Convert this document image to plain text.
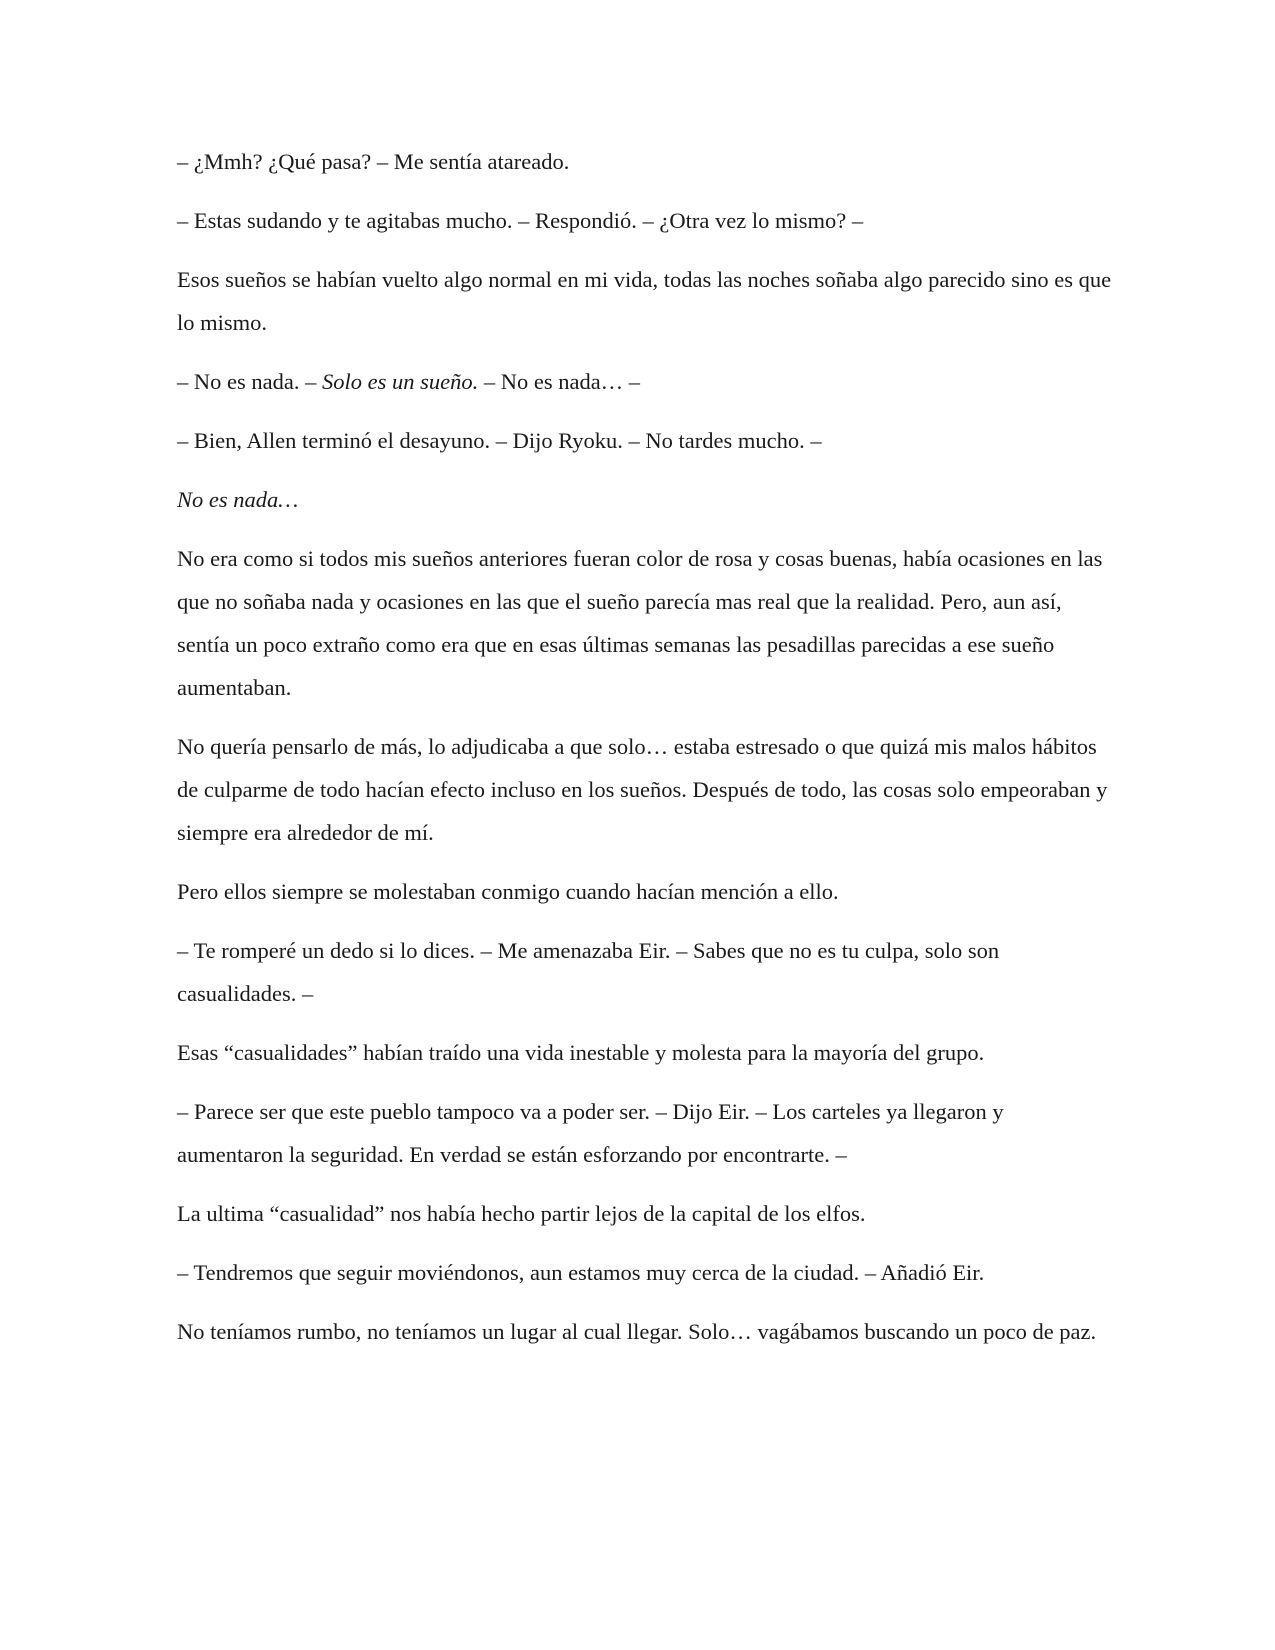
– ¿Mmh? ¿Qué pasa? – Me sentía atareado.

– Estas sudando y te agitabas mucho. – Respondió. – ¿Otra vez lo mismo? –

Esos sueños se habían vuelto algo normal en mi vida, todas las noches soñaba algo parecido sino es que lo mismo.

– No es nada. – Solo es un sueño. – No es nada… –

– Bien, Allen terminó el desayuno. – Dijo Ryoku. – No tardes mucho. –

No es nada…

No era como si todos mis sueños anteriores fueran color de rosa y cosas buenas, había ocasiones en las que no soñaba nada y ocasiones en las que el sueño parecía mas real que la realidad. Pero, aun así, sentía un poco extraño como era que en esas últimas semanas las pesadillas parecidas a ese sueño aumentaban.

No quería pensarlo de más, lo adjudicaba a que solo… estaba estresado o que quizá mis malos hábitos de culparme de todo hacían efecto incluso en los sueños. Después de todo, las cosas solo empeoraban y siempre era alrededor de mí.

Pero ellos siempre se molestaban conmigo cuando hacían mención a ello.

– Te romperé un dedo si lo dices. – Me amenazaba Eir. – Sabes que no es tu culpa, solo son casualidades. –

Esas “casualidades” habían traído una vida inestable y molesta para la mayoría del grupo.

– Parece ser que este pueblo tampoco va a poder ser. – Dijo Eir. – Los carteles ya llegaron y aumentaron la seguridad. En verdad se están esforzando por encontrarte. –

La ultima “casualidad” nos había hecho partir lejos de la capital de los elfos.

– Tendremos que seguir moviéndonos, aun estamos muy cerca de la ciudad. – Añadió Eir.

No teníamos rumbo, no teníamos un lugar al cual llegar. Solo… vagábamos buscando un poco de paz.
